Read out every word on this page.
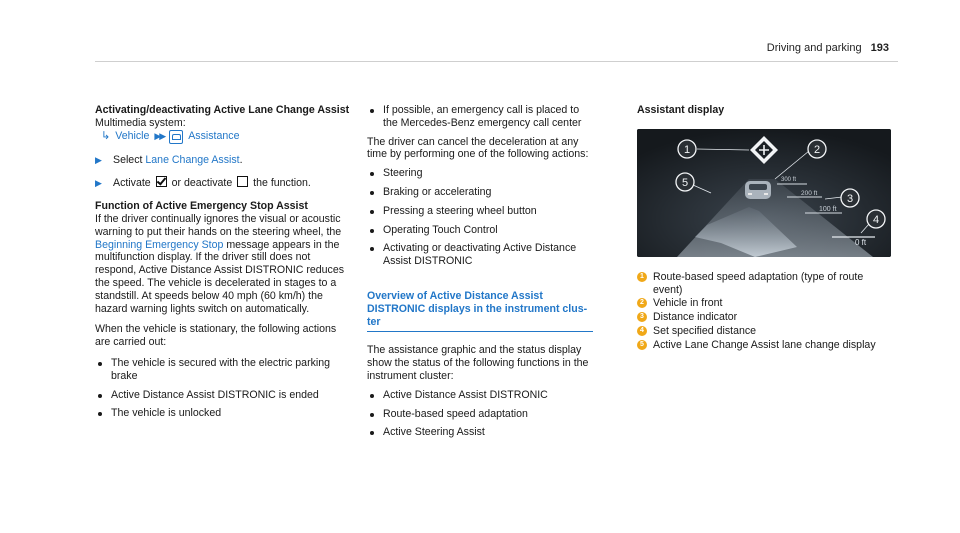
Driving and parking 193

Activating/deactivating Active Lane Change Assist

Multimedia system:

↳ Vehicle ▶▶ Assistance
▶ Select Lane Change Assist.
▶ Activate or deactivate the function.

Function of Active Emergency Stop Assist

If the driver continually ignores the visual or acoustic warning to put their hands on the steering wheel, the Beginning Emergency Stop message appears in the multifunction display. If the driver still does not respond, Active Distance Assist DISTRONIC reduces the speed. The vehicle is decelerated in stages to a standstill. At speeds below 40 mph (60 km/h) the hazard warning lights switch on automatically.

When the vehicle is stationary, the following actions are carried out:

The vehicle is secured with the electric parking brake
Active Distance Assist DISTRONIC is ended
The vehicle is unlocked
If possible, an emergency call is placed to the Mercedes-Benz emergency call center

The driver can cancel the deceleration at any time by performing one of the following actions:

Steering
Braking or accelerating
Pressing a steering wheel button
Operating Touch Control
Activating or deactivating Active Distance Assist DISTRONIC

Overview of Active Distance Assist DISTRONIC displays in the instrument cluster

The assistance graphic and the status display show the status of the following functions in the instrument cluster:

Active Distance Assist DISTRONIC
Route-based speed adaptation
Active Steering Assist

Assistant display

300 ft
200 ft
100 ft
0 ft
1	2
3
4
5
1 Route-based speed adaptation (type of route event)
2 Vehicle in front
3 Distance indicator
4 Set specified distance
5 Active Lane Change Assist lane change display
